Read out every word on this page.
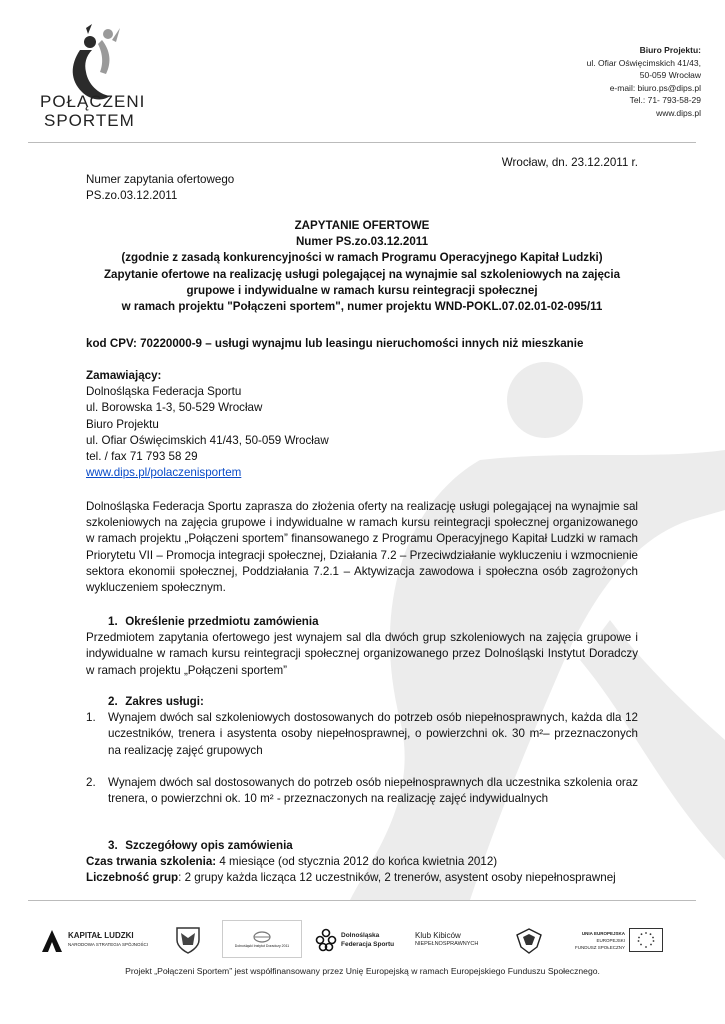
POŁĄCZENI
SPORTEM
Biuro Projektu:
ul. Ofiar Oświęcimskich 41/43,
50-059 Wrocław
e-mail: biuro.ps@dips.pl
Tel.: 71- 793-58-29
www.dips.pl
Wrocław, dn. 23.12.2011 r.
Numer zapytania ofertowego
PS.zo.03.12.2011
ZAPYTANIE OFERTOWE
Numer PS.zo.03.12.2011
(zgodnie z zasadą konkurencyjności w ramach Programu Operacyjnego Kapitał Ludzki)
Zapytanie ofertowe na realizację usługi polegającej na wynajmie sal szkoleniowych na zajęcia
grupowe i indywidualne w ramach kursu reintegracji społecznej
w ramach projektu "Połączeni sportem", numer projektu WND-POKL.07.02.01-02-095/11
kod CPV: 70220000-9 – usługi wynajmu lub leasingu nieruchomości innych niż mieszkanie
Zamawiający:
Dolnośląska Federacja Sportu
ul. Borowska 1-3, 50-529 Wrocław
Biuro Projektu
ul. Ofiar Oświęcimskich 41/43, 50-059 Wrocław
tel. / fax 71 793 58 29
www.dips.pl/polaczenisportem
Dolnośląska Federacja Sportu zaprasza do złożenia oferty na realizację usługi polegającej na wynajmie sal szkoleniowych na zajęcia grupowe i indywidualne w ramach kursu reintegracji społecznej organizowanego w ramach projektu „Połączeni sportem” finansowanego z Programu Operacyjnego Kapitał Ludzki w ramach Priorytetu VII – Promocja integracji społecznej, Działania 7.2 – Przeciwdziałanie wykluczeniu i wzmocnienie sektora ekonomii społecznej, Poddziałania 7.2.1 – Aktywizacja zawodowa i społeczna osób zagrożonych wykluczeniem społecznym.
1. Określenie przedmiotu zamówienia
Przedmiotem zapytania ofertowego jest wynajem sal dla dwóch grup szkoleniowych na zajęcia grupowe i indywidualne w ramach kursu reintegracji społecznej organizowanego przez Dolnośląski Instytut Doradczy w ramach projektu „Połączeni sportem”
2. Zakres usługi:
1.	Wynajem dwóch sal szkoleniowych dostosowanych do potrzeb osób niepełnosprawnych, każda dla 12 uczestników, trenera i asystenta osoby niepełnosprawnej, o powierzchni ok. 30 m²– przeznaczonych na realizację zajęć grupowych
2.	Wynajem dwóch sal dostosowanych do potrzeb osób niepełnosprawnych dla uczestnika szkolenia oraz trenera, o powierzchni ok. 10 m² - przeznaczonych na realizację zajęć indywidualnych
3. Szczegółowy opis zamówienia
Czas trwania szkolenia: 4 miesiące (od stycznia 2012 do końca kwietnia 2012)
Liczebność grup: 2 grupy każda licząca 12 uczestników, 2 trenerów, asystent osoby niepełnosprawnej
KAPITAŁ LUDZKI
NARODOWA STRATEGIA SPÓJNOŚCI	Dolnośląski Instytut Doradczy 2011
Dolnośląska
Federacja Sportu
Klub Kibiców
NIEPEŁNOSPRAWNYCH
UNIA EUROPEJSKA
EUROPEJSKI
FUNDUSZ SPOŁECZNY
Projekt „Połączeni Sportem” jest współfinansowany przez Unię Europejską w ramach Europejskiego Funduszu Społecznego.
